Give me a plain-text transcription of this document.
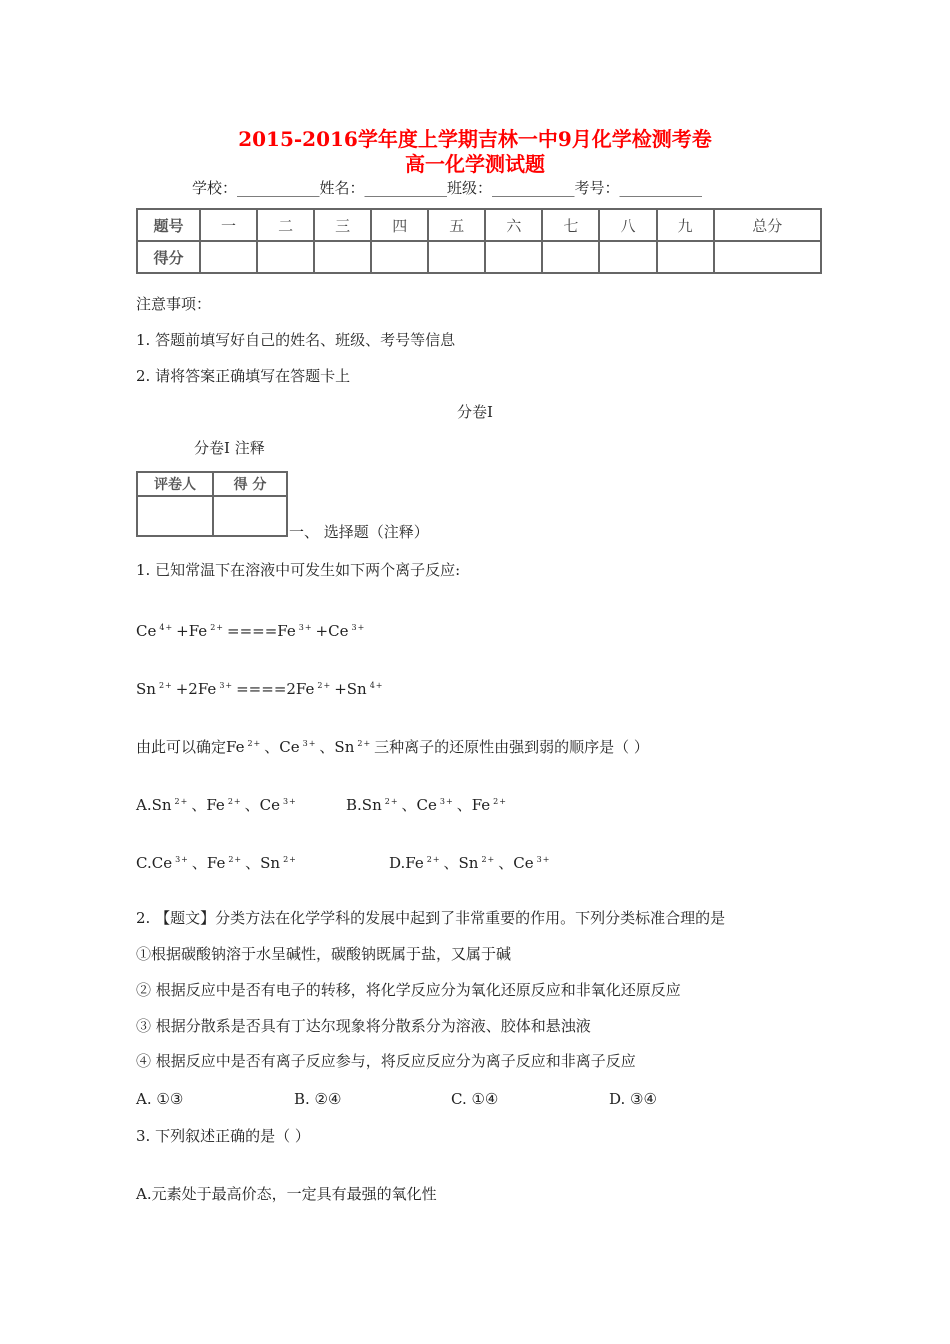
2015-2016学年度上学期吉林一中9月化学检测考卷
高一化学测试题
学校：___________姓名：___________班级：___________考号：___________
题号	一	二	三	四	五	六	七	八	九	总分
得分										
注意事项：
1. 答题前填写好自己的姓名、班级、考号等信息
2. 请将答案正确填写在答题卡上
分卷I
分卷I 注释
评卷人	得 分

一、 选择题（注释）
1. 已知常温下在溶液中可发生如下两个离子反应:
Ce $^{4+}$ +Fe $^{2+}$ ====Fe $^{3+}$ +Ce $^{3+}$
Sn $^{2+}$ +2Fe $^{3+}$ ====2Fe $^{2+}$ +Sn $^{4+}$
由此可以确定Fe $^{2+}$ 、Ce $^{3+}$ 、Sn $^{2+}$ 三种离子的还原性由强到弱的顺序是（ ）
A.Sn $^{2+}$ 、Fe $^{2+}$ 、Ce $^{3+}$	B.Sn $^{2+}$ 、Ce $^{3+}$ 、Fe $^{2+}$
C.Ce $^{3+}$ 、Fe $^{2+}$ 、Sn $^{2+}$	D.Fe $^{2+}$ 、Sn $^{2+}$ 、Ce $^{3+}$
2. 【题文】分类方法在化学学科的发展中起到了非常重要的作用。下列分类标准合理的是
①根据碳酸钠溶于水呈碱性，碳酸钠既属于盐，又属于碱
② 根据反应中是否有电子的转移，将化学反应分为氧化还原反应和非氧化还原反应
③ 根据分散系是否具有丁达尔现象将分散系分为溶液、胶体和悬浊液
④ 根据反应中是否有离子反应参与，将反应反应分为离子反应和非离子反应
A. ①③	B. ②④	C. ①④	D. ③④
3. 下列叙述正确的是（ ）
A.元素处于最高价态，一定具有最强的氧化性
